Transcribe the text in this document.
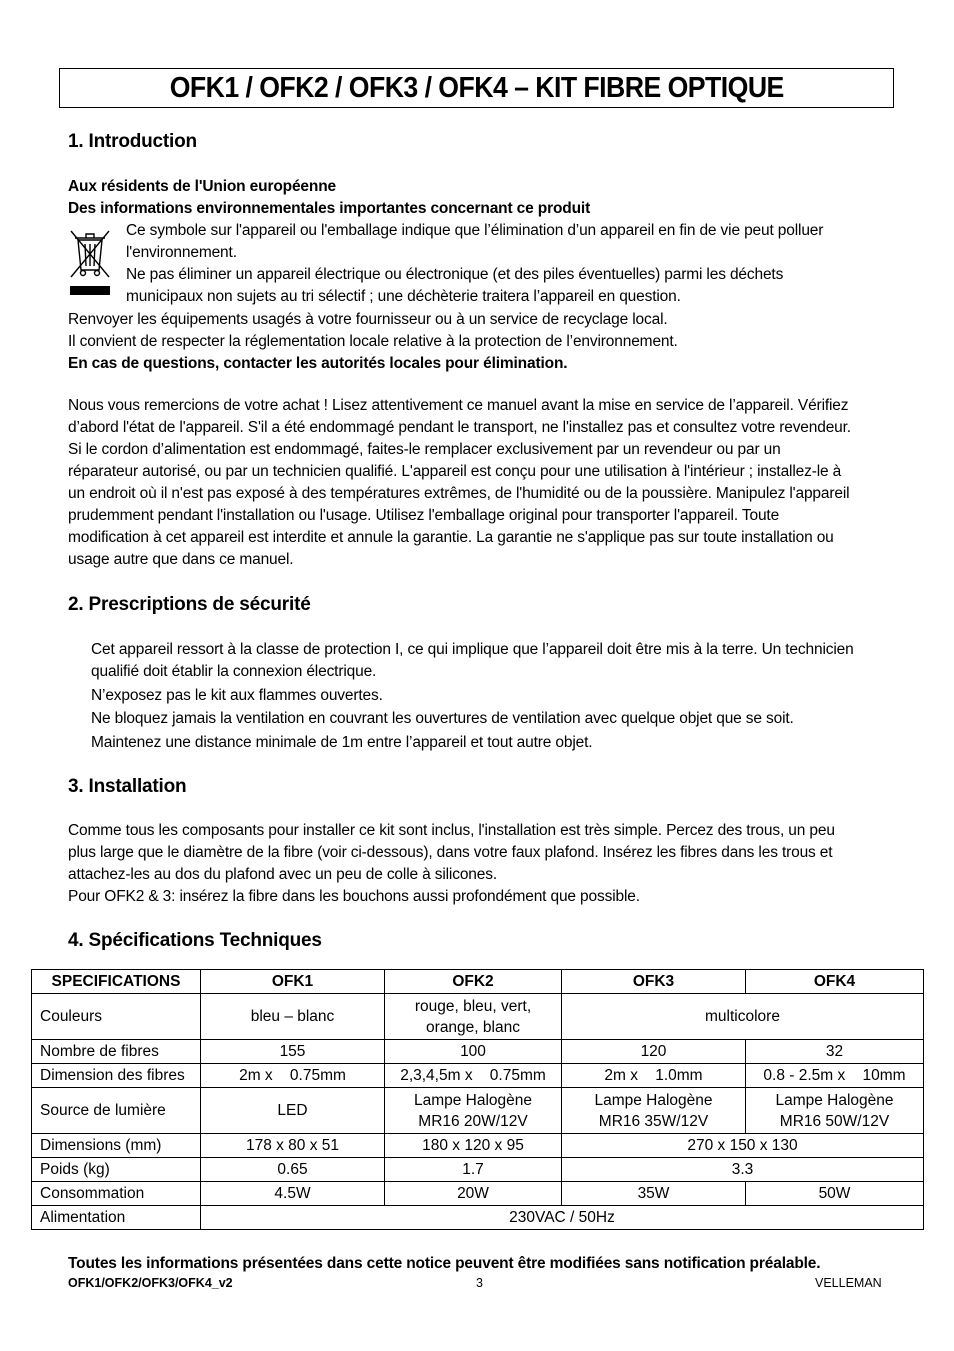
OFK1 / OFK2 / OFK3 / OFK4 – KIT FIBRE OPTIQUE
1. Introduction
Aux résidents de l'Union européenne
Des informations environnementales importantes concernant ce produit
Ce symbole sur l'appareil ou l'emballage indique que l’élimination d’un appareil en fin de vie peut polluer
l'environnement.
Ne pas éliminer un appareil électrique ou électronique (et des piles éventuelles) parmi les déchets
municipaux non sujets au tri sélectif ; une déchèterie traitera l’appareil en question.
Renvoyer les équipements usagés à votre fournisseur ou à un service de recyclage local.
Il convient de respecter la réglementation locale relative à la protection de l’environnement.
En cas de questions, contacter les autorités locales pour élimination.
Nous vous remercions de votre achat ! Lisez attentivement ce manuel avant la mise en service de l’appareil. Vérifiez
d’abord l'état de l'appareil. S'il a été endommagé pendant le transport, ne l'installez pas et consultez votre revendeur.
Si le cordon d’alimentation est endommagé, faites-le remplacer exclusivement par un revendeur ou par un
réparateur autorisé, ou par un technicien qualifié. L'appareil est conçu pour une utilisation à l'intérieur ; installez-le à
un endroit où il n'est pas exposé à des températures extrêmes, de l'humidité ou de la poussière. Manipulez l'appareil
prudemment pendant l'installation ou l'usage. Utilisez l'emballage original pour transporter l'appareil. Toute
modification à cet appareil est interdite et annule la garantie. La garantie ne s'applique pas sur toute installation ou
usage autre que dans ce manuel.
2. Prescriptions de sécurité
Cet appareil ressort à la classe de protection I, ce qui implique que l’appareil doit être mis à la terre. Un technicien
qualifié doit établir la connexion électrique.
N’exposez pas le kit aux flammes ouvertes.
Ne bloquez jamais la ventilation en couvrant les ouvertures de ventilation avec quelque objet que se soit.
Maintenez une distance minimale de 1m entre l’appareil et tout autre objet.
3. Installation
Comme tous les composants pour installer ce kit sont inclus, l'installation est très simple. Percez des trous, un peu
plus large que le diamètre de la fibre (voir ci-dessous), dans votre faux plafond. Insérez les fibres dans les trous et
attachez-les au dos du plafond avec un peu de colle à silicones.
Pour OFK2 & 3: insérez la fibre dans les bouchons aussi profondément que possible.
4. Spécifications Techniques
SPECIFICATIONS	OFK1	OFK2	OFK3	OFK4
Couleurs	bleu – blanc	rouge, bleu, vert,
orange, blanc	multicolore	
Nombre de fibres	155	100	120	32
Dimension des fibres	2m x    0.75mm	2,3,4,5m x    0.75mm	2m x    1.0mm	0.8 - 2.5m x    10mm
Source de lumière	LED	Lampe Halogène
MR16 20W/12V	Lampe Halogène
MR16 35W/12V	Lampe Halogène
MR16 50W/12V
Dimensions (mm)	178 x 80 x 51	180 x 120 x 95	270 x 150 x 130	
Poids (kg)	0.65	1.7	3.3	
Consommation	4.5W	20W	35W	50W
Alimentation	230VAC / 50Hz			
Toutes les informations présentées dans cette notice peuvent être modifiées sans notification préalable.
OFK1/OFK2/OFK3/OFK4_v2	3	VELLEMAN
